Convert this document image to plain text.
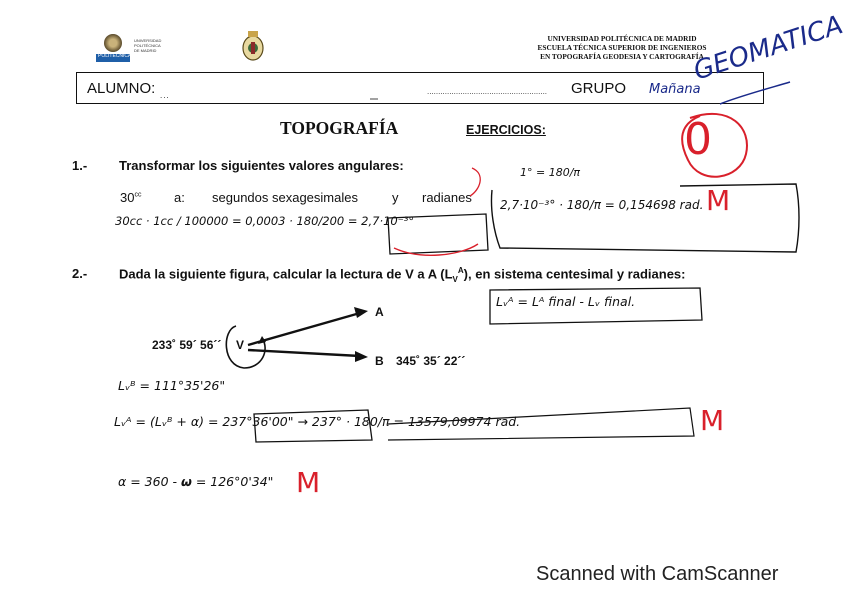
POLITÉCNICA
UNIVERSIDAD
POLITÉCNICA
DE MADRID
UNIVERSIDAD POLITÉCNICA DE MADRID
ESCUELA TÉCNICA SUPERIOR DE INGENIEROS
EN TOPOGRAFÍA GEODESIA Y CARTOGRAFÍA
ALUMNO: ...	...................................................... GRUPO Mañana
GEOMATICA
TOPOGRAFÍA	EJERCICIOS:	0
1.- Transformar los siguientes valores angulares:
$30^{cc}$	a: segundos sexagesimales	y radianes
30cc · 1cc / 100000 = 0,0003 · 180/200 = 2,7·10⁻³°
1° = 180/π
2,7·10⁻³° · 180/π = 0,154698 rad. M
2.- Dada la siguiente figura, calcular la lectura de V a A $(L_V^A)$, en sistema centesimal y radianes:
Lᵥᴬ = Lᴬ final - Lᵥ final.
233˚ 59´ 56´´ V
A
B 345˚ 35´ 22´´
Lᵥᴮ = 111°35'26"
Lᵥᴬ = (Lᵥᴮ + α) = 237°36'00" → 237° · 180/π = 13579,09974 rad.	M
α = 360 - 𝟂 = 126°0'34" M
Scanned with CamScanner
